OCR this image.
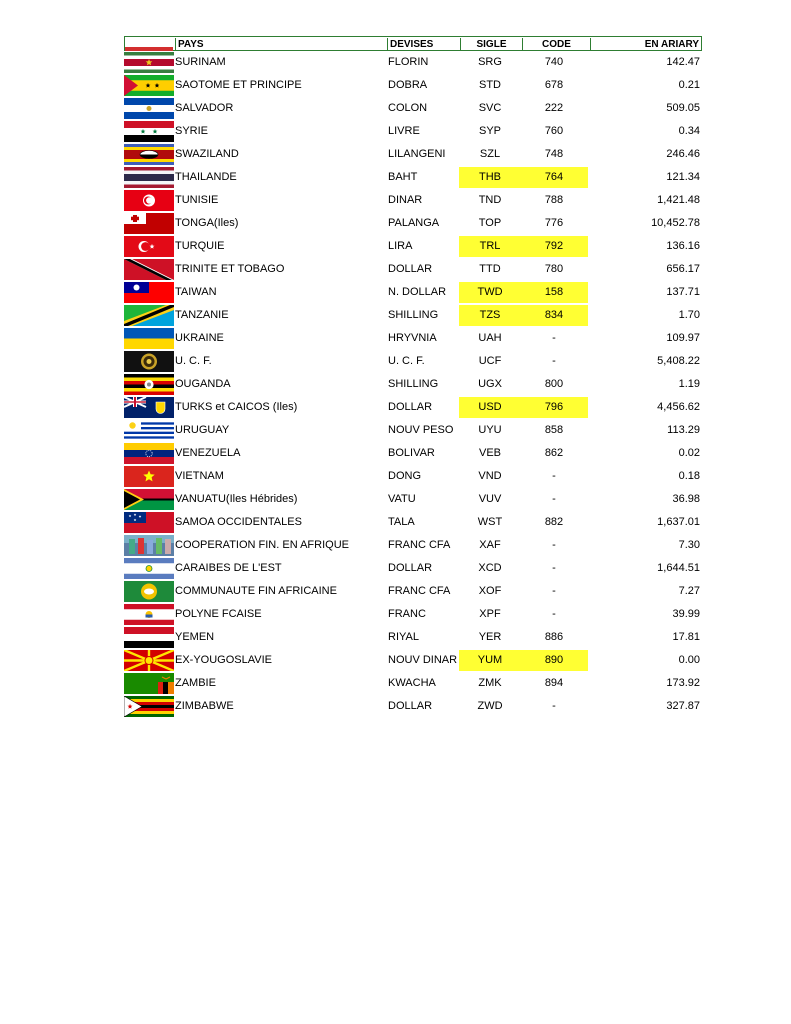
PAYS	DEVISES	SIGLE	CODE	EN ARIARY
SURINAM	FLORIN	SRG	740	142.47
SAOTOME ET PRINCIPE	DOBRA	STD	678	0.21
SALVADOR	COLON	SVC	222	509.05
SYRIE	LIVRE	SYP	760	0.34
SWAZILAND	LILANGENI	SZL	748	246.46
THAILANDE	BAHT	THB	764	121.34
TUNISIE	DINAR	TND	788	1,421.48
TONGA(Iles)	PALANGA	TOP	776	10,452.78
TURQUIE	LIRA	TRL	792	136.16
TRINITE ET TOBAGO	DOLLAR	TTD	780	656.17
TAIWAN	N. DOLLAR	TWD	158	137.71
TANZANIE	SHILLING	TZS	834	1.70
UKRAINE	HRYVNIA	UAH	-	109.97
U. C. F.	U. C. F.	UCF	-	5,408.22
OUGANDA	SHILLING	UGX	800	1.19
TURKS et CAICOS (Iles)	DOLLAR	USD	796	4,456.62
URUGUAY	NOUV PESO	UYU	858	113.29
VENEZUELA	BOLIVAR	VEB	862	0.02
VIETNAM	DONG	VND	-	0.18
VANUATU(Iles Hébrides)	VATU	VUV	-	36.98
SAMOA OCCIDENTALES	TALA	WST	882	1,637.01
COOPERATION FIN. EN AFRIQUE	FRANC CFA	XAF	-	7.30
CARAIBES DE L'EST	DOLLAR	XCD	-	1,644.51
COMMUNAUTE FIN AFRICAINE	FRANC CFA	XOF	-	7.27
POLYNE FCAISE	FRANC	XPF	-	39.99
YEMEN	RIYAL	YER	886	17.81
EX-YOUGOSLAVIE	NOUV DINAR	YUM	890	0.00
ZAMBIE	KWACHA	ZMK	894	173.92
ZIMBABWE	DOLLAR	ZWD	-	327.87
